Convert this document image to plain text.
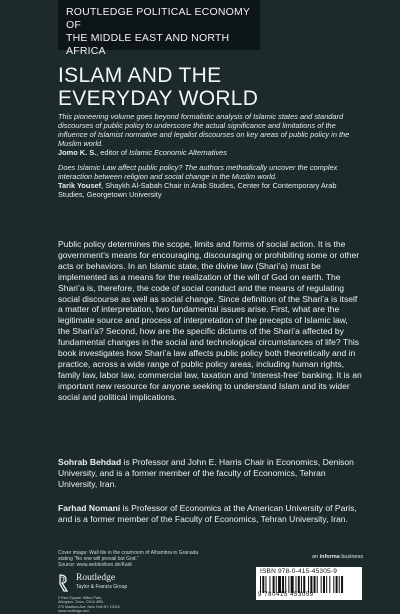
ROUTLEDGE POLITICAL ECONOMY OF
THE MIDDLE EAST AND NORTH AFRICA
ISLAM AND THE
EVERYDAY WORLD
This pioneering volume goes beyond formalistic analysis of Islamic states and standard discourses of public policy to underscore the actual significance and limitations of the influence of Islamist normative and legalist discourses on key areas of public policy in the Muslim world.
Jomo K. S., editor of Islamic Economic Alternatives
Does Islamic Law affect public policy? The authors methodically uncover the complex interaction between religion and social change in the Muslim world.
Tarik Yousef, Shaykh Al-Sabah Chair in Arab Studies, Center for Contemporary Arab Studies, Georgetown University
Public policy determines the scope, limits and forms of social action. It is the government’s means for encouraging, discouraging or prohibiting some or other acts or behaviors. In an Islamic state, the divine law (Shari’a) must be implemented as a means for the realization of the will of God on earth. The Shari’a is, therefore, the code of social conduct and the means of regulating social discourse as well as social change. Since definition of the Shari’a is itself a matter of interpretation, two fundamental issues arise. First, what are the legitimate source and process of interpretation of the precepts of Islamic law, the Shari’a? Second, how are the specific dictums of the Shari’a affected by fundamental changes in the social and technological circumstances of life? This book investigates how Shari’a law affects public policy both theoretically and in practice, across a wide range of public policy areas, including human rights, family law, labor law, commercial law, taxation and ‘interest-free’ banking. It is an important new resource for anyone seeking to understand Islam and its wider social and political implications.
Sohrab Behdad is Professor and John E. Harris Chair in Economics, Denison University, and is a former member of the faculty of Economics, Tehran University, Iran.
Farhad Nomani is Professor of Economics at the American University of Paris, and is a former member of the Faculty of Economics, Tehran University, Iran.
Cover image: Wall tile in the courtroom of Alhambra in Granada
stating “No one will prevail but God.”
Source: www.weblexikon.de/Kadi
Routledge
Taylor & Francis Group
2 Park Square, Milton Park,
Abingdon, Oxon, OX14 4RN
270 Madison Ave, New York NY 10016
www.routledge.com
an informa business
ISBN 978-0-415-45305-9
9 780415 453059
